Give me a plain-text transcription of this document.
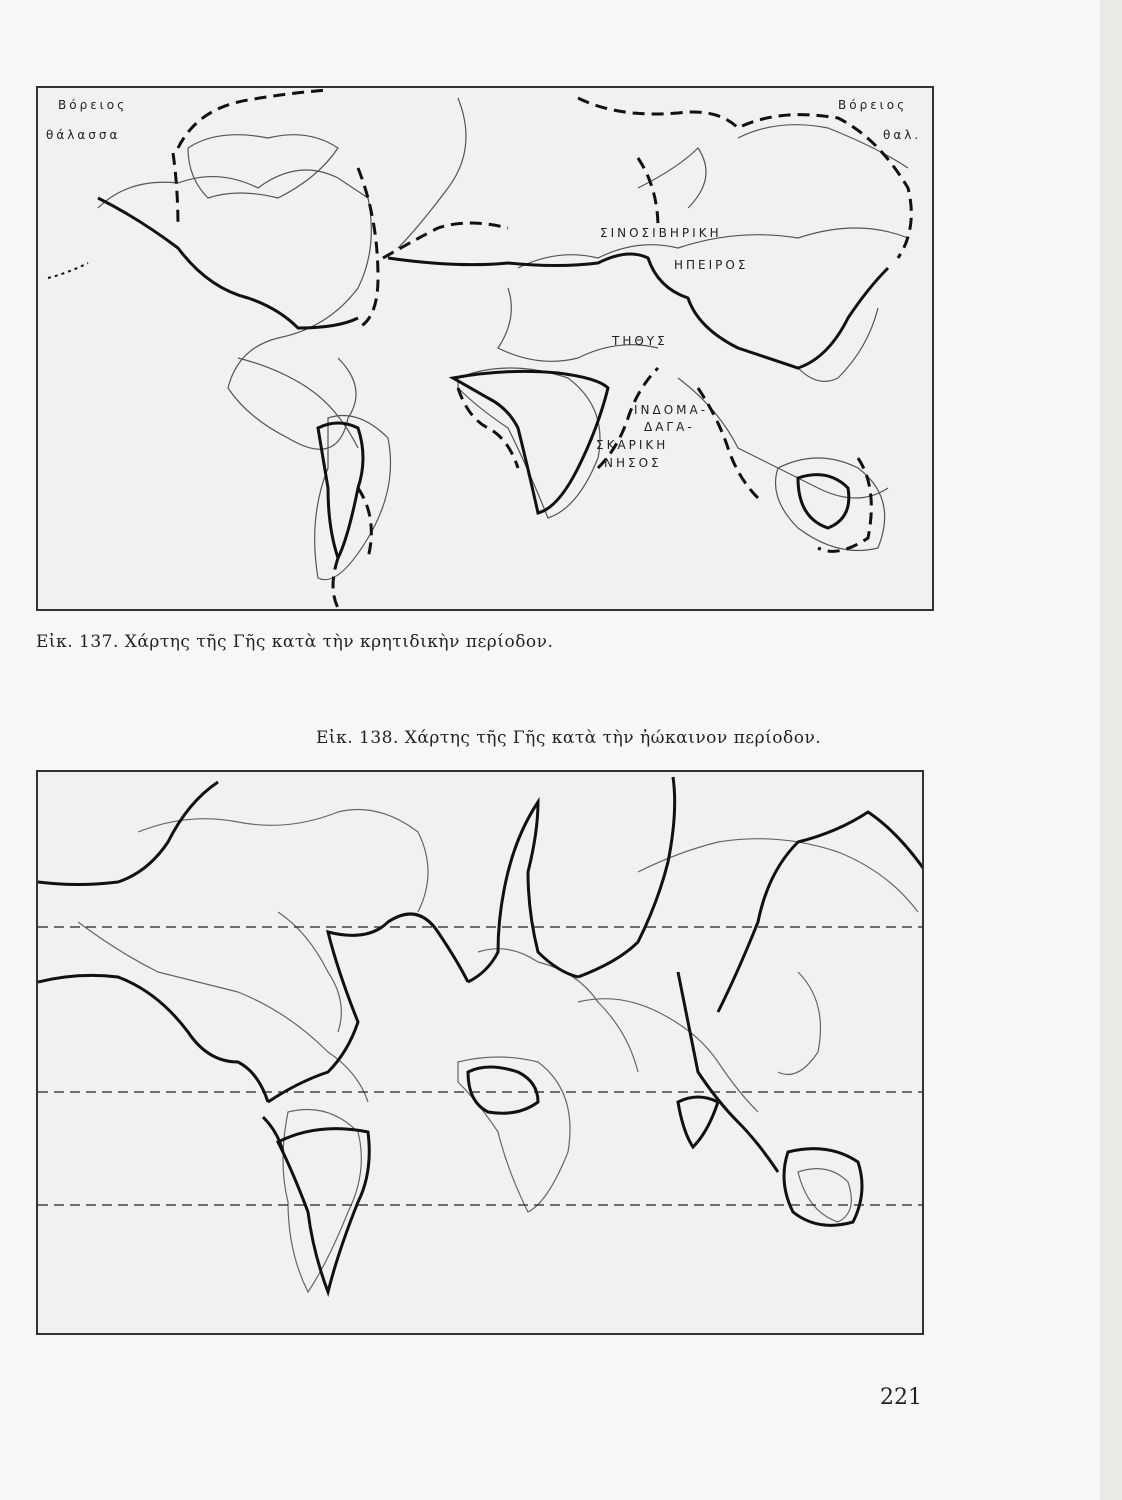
Βόρειος
θάλασσα
Βόρειος
θαλ.
ΣΙΝΟΣΙΒΗΡΙΚΗ
ΗΠΕΙΡΟΣ
ΤΗΘΥΣ
ΙΝΔΟΜΑ-
ΔΑΓΑ-
ΣΚΑΡΙΚΗ
ΝΗΣΟΣ
Εἰκ. 137. Χάρτης τῆς Γῆς κατὰ τὴν κρητιδικὴν περίοδον.
Εἰκ. 138. Χάρτης τῆς Γῆς κατὰ τὴν ἠώκαινον περίοδον.
221
